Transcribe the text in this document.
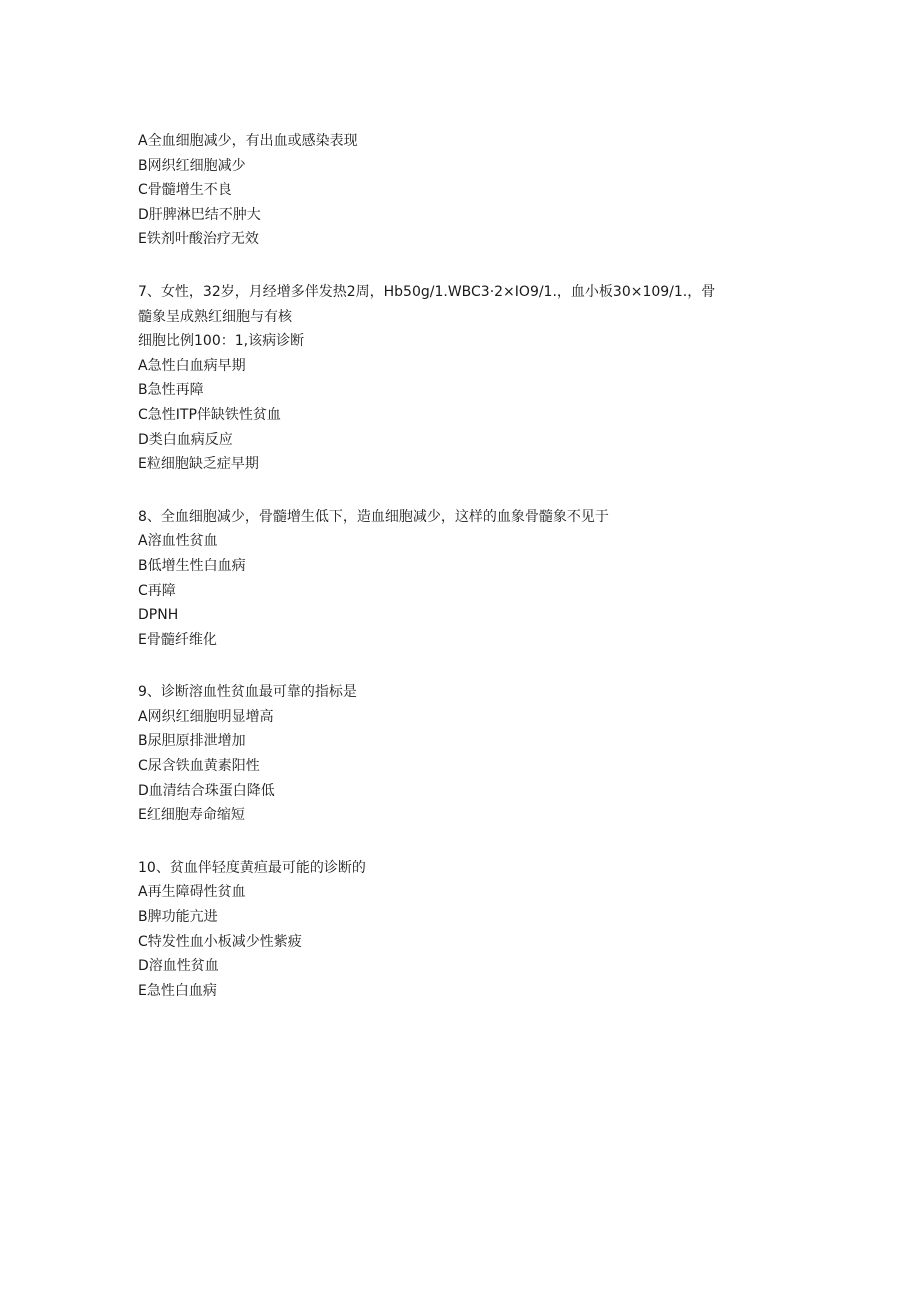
A全血细胞减少，有出血或感染表现
B网织红细胞减少
C骨髓增生不良
D肝脾淋巴结不肿大
E铁剂叶酸治疗无效
7、女性，32岁，月经增多伴发热2周，Hb50g/1.WBC3·2×IO9/1.，血小板30×109/1.，骨
髓象呈成熟红细胞与有核
细胞比例100：1,该病诊断
A急性白血病早期
B急性再障
C急性ITP伴缺铁性贫血
D类白血病反应
E粒细胞缺乏症早期
8、全血细胞减少，骨髓增生低下，造血细胞减少，这样的血象骨髓象不见于
A溶血性贫血
B低增生性白血病
C再障
DPNH
E骨髓纤维化
9、诊断溶血性贫血最可靠的指标是
A网织红细胞明显增高
B尿胆原排泄增加
C尿含铁血黄素阳性
D血清结合珠蛋白降低
E红细胞寿命缩短
10、贫血伴轻度黄疸最可能的诊断的
A再生障碍性贫血
B脾功能亢进
C特发性血小板减少性紫疲
D溶血性贫血
E急性白血病
